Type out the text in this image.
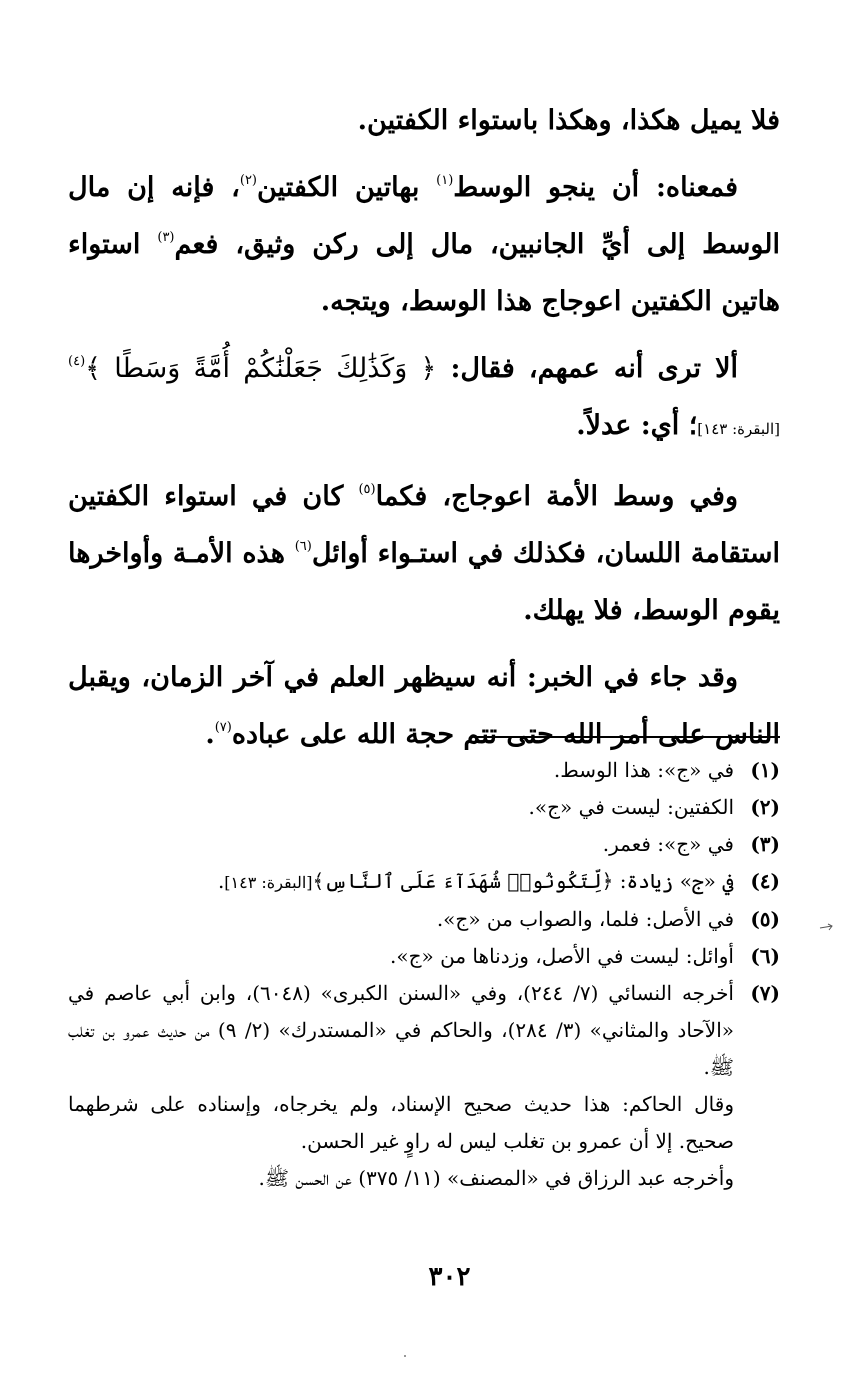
فلا يميل هكذا، وهكذا باستواء الكفتين.

فمعناه: أن ينجو الوسط$^{(١)}$ بهاتين الكفتين$^{(٢)}$، فإنه إن مال الوسط إلى أيِّ الجانبين، مال إلى ركن وثيق، فعم$^{(٣)}$ استواء هاتين الكفتين اعوجاج هذا الوسط، ويتجه.

ألا ترى أنه عمهم، فقال: ﴿ وَكَذَٰلِكَ جَعَلْنَٰكُمْ أُمَّةً وَسَطًا ﴾$^{(٤)}$[البقرة: ١٤٣]؛ أي: عدلاً.

وفي وسط الأمة اعوجاج، فكما$^{(٥)}$ كان في استواء الكفتين استقامة اللسان، فكذلك في استـواء أوائل$^{(٦)}$ هذه الأمـة وأواخرها يقوم الوسط، فلا يهلك.

وقد جاء في الخبر: أنه سيظهر العلم في آخر الزمان، ويقبل الناس على أمر الله حتى تتم حجة الله على عباده$^{(٧)}$.

(١)
في «ج»: هذا الوسط.
(٢)
الكفتين: ليست في «ج».
(٣)
في «ج»: فعمر.
(٤)
في «ج» زيادة: ﴿لِّتَكُونُوا۟ شُهَدَآءَ عَلَى ٱلنَّاسِ﴾[البقرة: ١٤٣].
(٥)
في الأصل: فلما، والصواب من «ج».
(٦)
أوائل: ليست في الأصل، وزدناها من «ج».
(٧)
أخرجه النسائي (٧/ ٢٤٤)، وفي «السنن الكبرى» (٦٠٤٨)، وابن أبي عاصم في «الآحاد والمثاني» (٣/ ٢٨٤)، والحاكم في «المستدرك» (٢/ ٩) من حديث عمرو بن تغلب ﷺ.
وقال الحاكم: هذا حديث صحيح الإسناد، ولم يخرجاه، وإسناده على شرطهما صحيح. إلا أن عمرو بن تغلب ليس له راوٍ غير الحسن.
وأخرجه عبد الرزاق في «المصنف» (١١/ ٣٧٥) عن الحسن ﷺ.
٣٠٢
